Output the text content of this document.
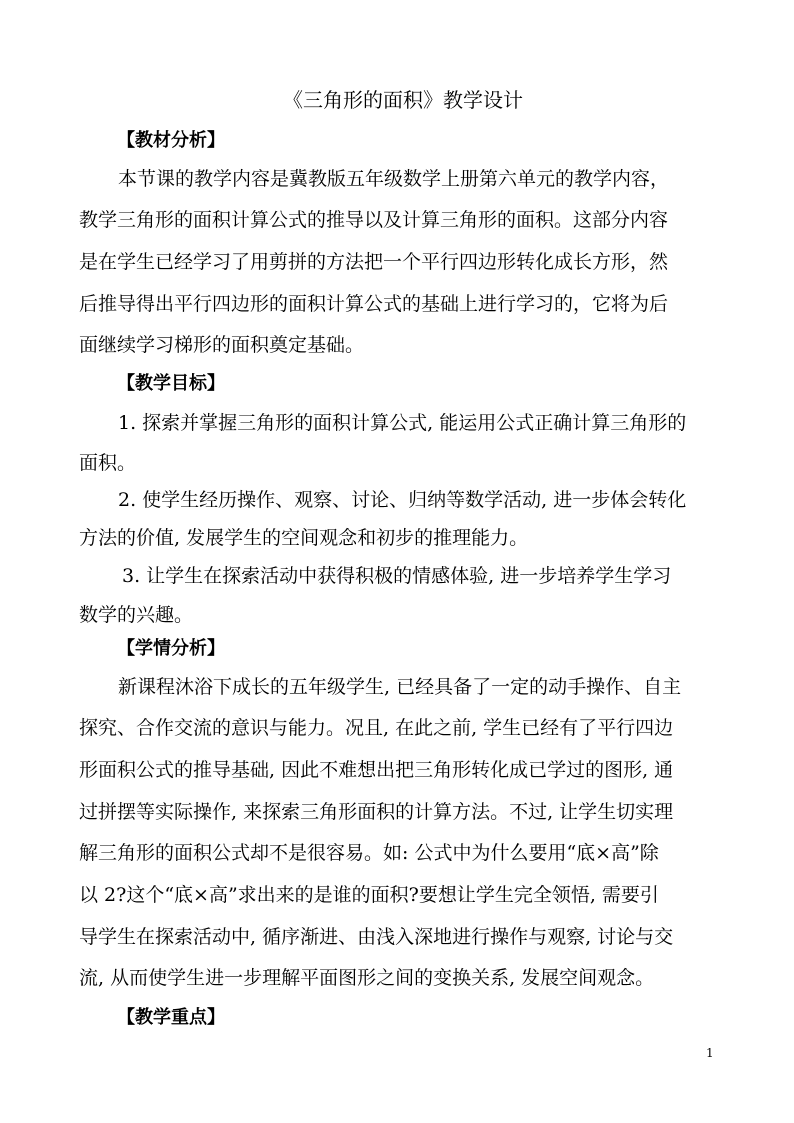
《三角形的面积》教学设计
【教材分析】
本节课的教学内容是冀教版五年级数学上册第六单元的教学内容，
教学三角形的面积计算公式的推导以及计算三角形的面积。这部分内容
是在学生已经学习了用剪拼的方法把一个平行四边形转化成长方形，然
后推导得出平行四边形的面积计算公式的基础上进行学习的，它将为后
面继续学习梯形的面积奠定基础。
【教学目标】
1. 探索并掌握三角形的面积计算公式, 能运用公式正确计算三角形的
面积。
2. 使学生经历操作、观察、讨论、归纳等数学活动, 进一步体会转化
方法的价值, 发展学生的空间观念和初步的推理能力。
3. 让学生在探索活动中获得积极的情感体验, 进一步培养学生学习
数学的兴趣。
【学情分析】
新课程沐浴下成长的五年级学生, 已经具备了一定的动手操作、自主
探究、合作交流的意识与能力。况且, 在此之前, 学生已经有了平行四边
形面积公式的推导基础, 因此不难想出把三角形转化成已学过的图形, 通
过拼摆等实际操作, 来探索三角形面积的计算方法。不过, 让学生切实理
解三角形的面积公式却不是很容易。如: 公式中为什么要用“底×高”除
以 2?这个“底×高”求出来的是谁的面积?要想让学生完全领悟, 需要引
导学生在探索活动中, 循序渐进、由浅入深地进行操作与观察, 讨论与交
流, 从而使学生进一步理解平面图形之间的变换关系, 发展空间观念。
【教学重点】
1
